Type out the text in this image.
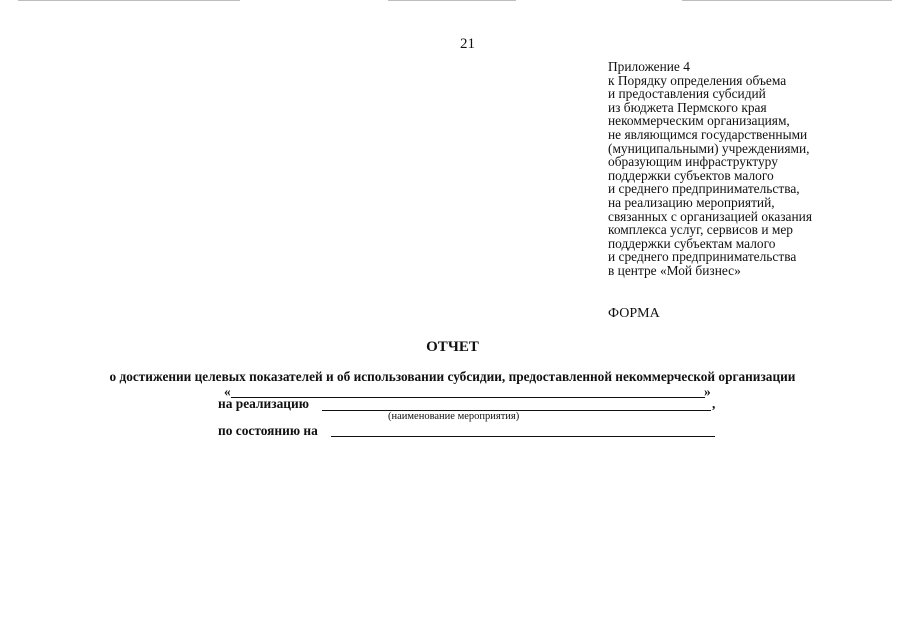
21
Приложение 4
к Порядку определения объема
и предоставления субсидий
из бюджета Пермского края
некоммерческим организациям,
не являющимся государственными
(муниципальными) учреждениями,
образующим инфраструктуру
поддержки субъектов малого
и среднего предпринимательства,
на реализацию мероприятий,
связанных с организацией оказания
комплекса услуг, сервисов и мер
поддержки субъектам малого
и среднего предпринимательства
в центре «Мой бизнес»
ФОРМА
ОТЧЕТ
о достижении целевых показателей и об использовании субсидии, предоставленной некоммерческой организации
«	»
на реализацию	,
(наименование мероприятия)
по состоянию на
